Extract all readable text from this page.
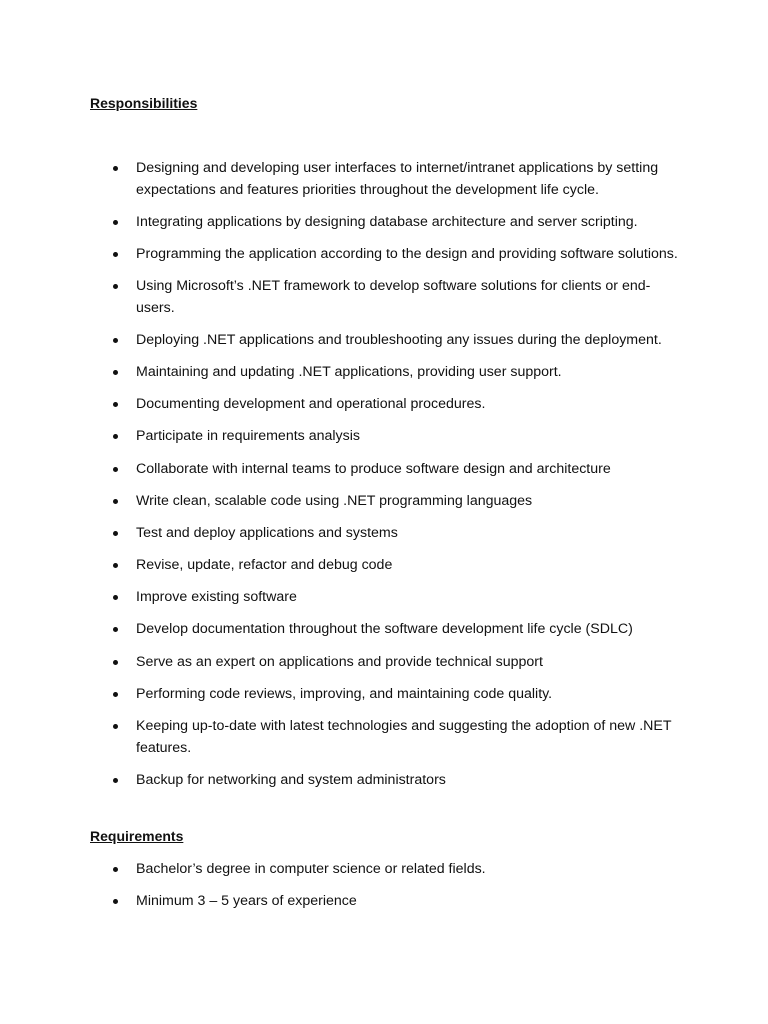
Responsibilities
Designing and developing user interfaces to internet/intranet applications by setting expectations and features priorities throughout the development life cycle.
Integrating applications by designing database architecture and server scripting.
Programming the application according to the design and providing software solutions.
Using Microsoft’s .NET framework to develop software solutions for clients or end-users.
Deploying .NET applications and troubleshooting any issues during the deployment.
Maintaining and updating .NET applications, providing user support.
Documenting development and operational procedures.
Participate in requirements analysis
Collaborate with internal teams to produce software design and architecture
Write clean, scalable code using .NET programming languages
Test and deploy applications and systems
Revise, update, refactor and debug code
Improve existing software
Develop documentation throughout the software development life cycle (SDLC)
Serve as an expert on applications and provide technical support
Performing code reviews, improving, and maintaining code quality.
Keeping up-to-date with latest technologies and suggesting the adoption of new .NET features.
Backup for networking and system administrators
Requirements
Bachelor’s degree in computer science or related fields.
Minimum 3 – 5 years of experience
